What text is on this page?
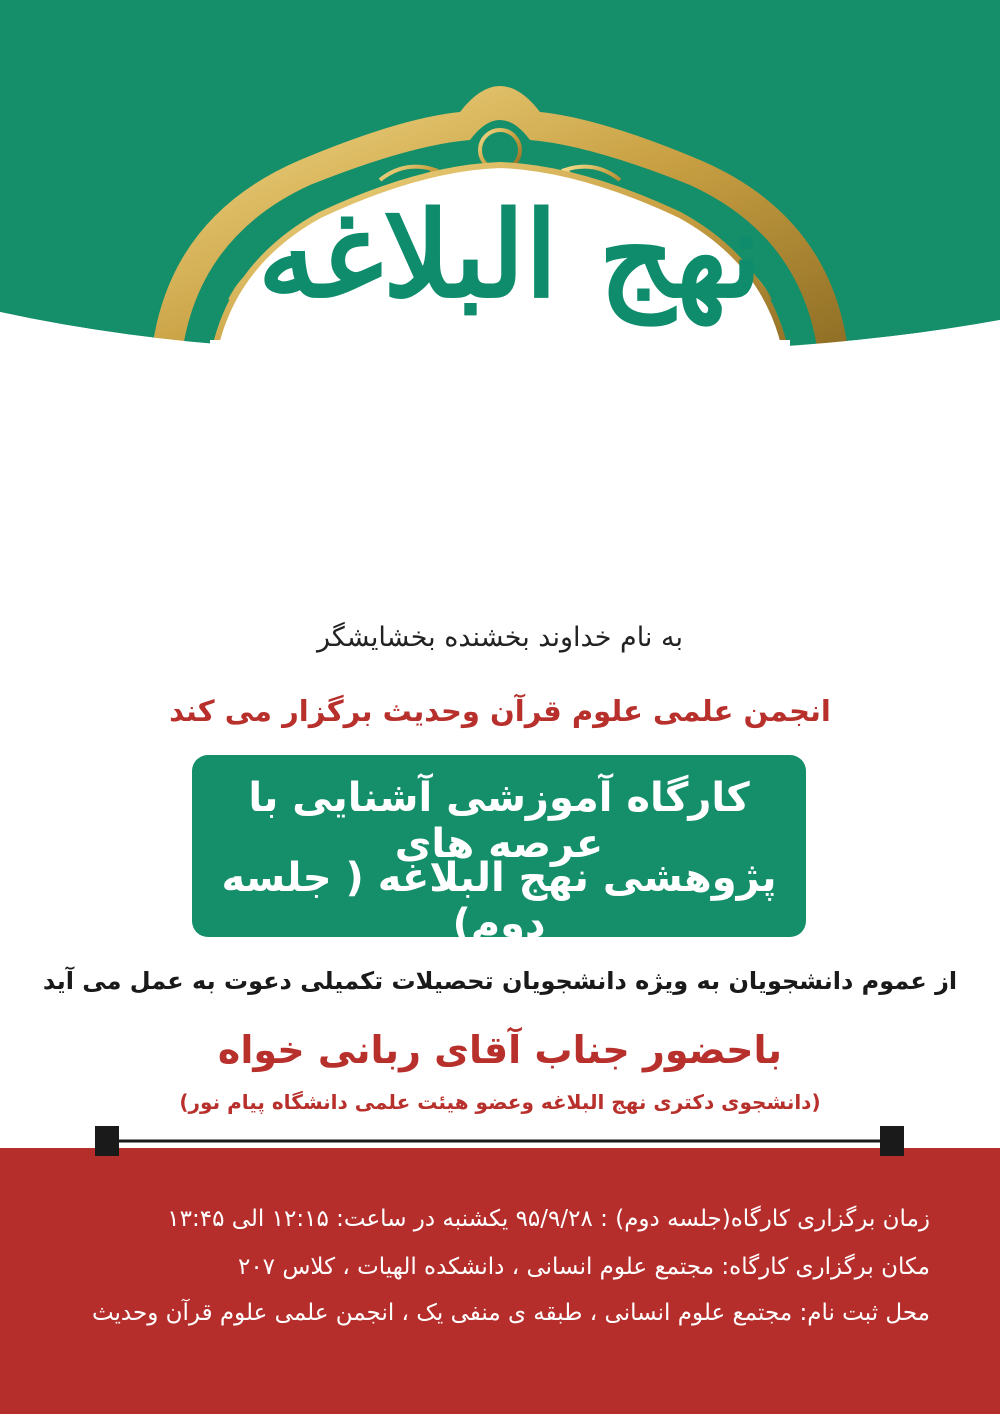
نهج البلاغه
به نام خداوند بخشنده بخشایشگر
انجمن علمی علوم قرآن وحدیث برگزار می کند
کارگاه آموزشی آشنایی با عرصه های
پژوهشی نهج البلاغه ( جلسه دوم)
از عموم دانشجویان به ویژه دانشجویان تحصیلات تکمیلی دعوت به عمل می آید
باحضور جناب آقای ربانی خواه
(دانشجوی دکتری نهج البلاغه وعضو هیئت علمی دانشگاه پیام نور)
زمان برگزاری کارگاه(جلسه دوم) : ۹۵/۹/۲۸ یکشنبه در ساعت: ۱۲:۱۵ الی ۱۳:۴۵
مکان برگزاری کارگاه: مجتمع علوم انسانی ، دانشکده الهیات ، کلاس ۲۰۷
محل ثبت نام: مجتمع علوم انسانی ، طبقه ی منفی یک ، انجمن علمی علوم قرآن وحدیث
